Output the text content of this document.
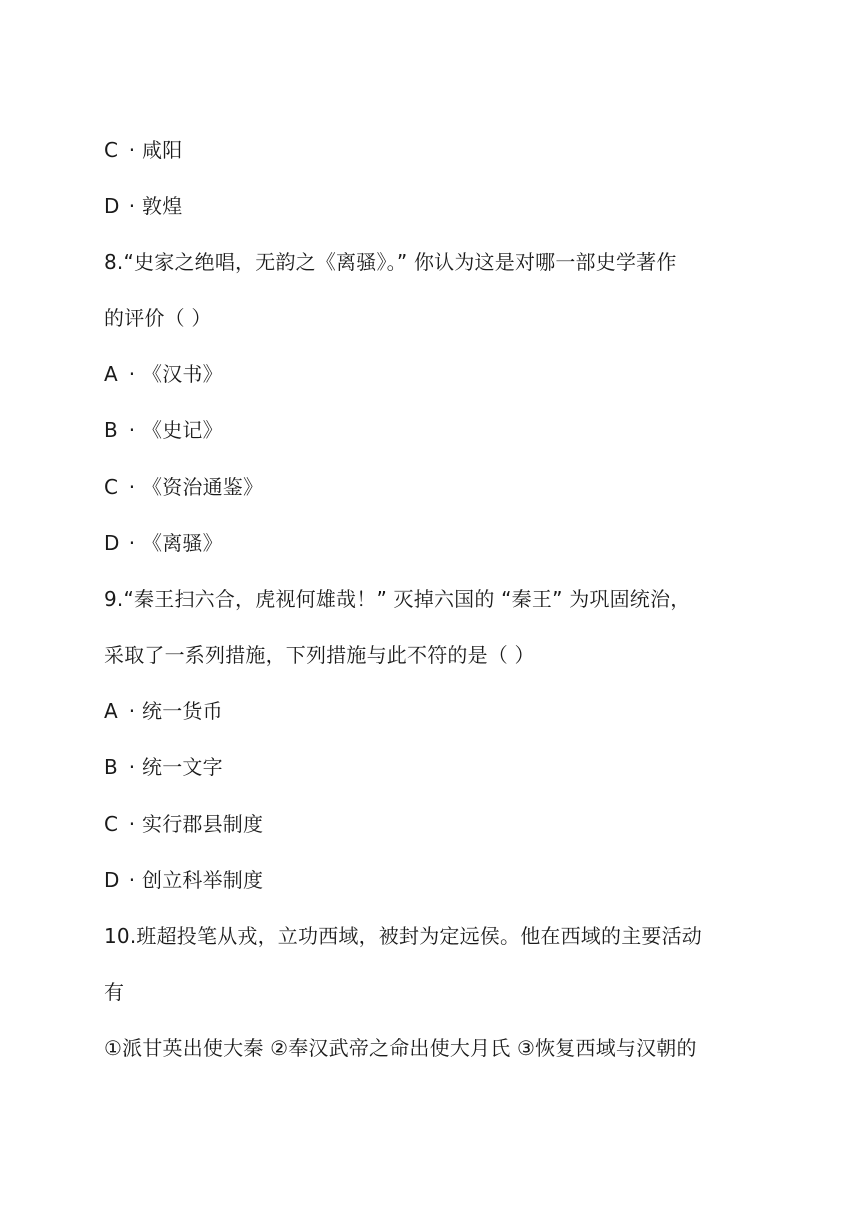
C · 咸阳
D · 敦煌
8.“史家之绝唱，无韵之《离骚》。” 你认为这是对哪一部史学著作
的评价（ ）
A · 《汉书》
B · 《史记》
C · 《资治通鉴》
D · 《离骚》
9.“秦王扫六合，虎视何雄哉！” 灭掉六国的 “秦王” 为巩固统治，
采取了一系列措施，下列措施与此不符的是（ ）
A · 统一货币
B · 统一文字
C · 实行郡县制度
D · 创立科举制度
10.班超投笔从戎，立功西域，被封为定远侯。他在西域的主要活动
有
①派甘英出使大秦 ②奉汉武帝之命出使大月氏 ③恢复西域与汉朝的
